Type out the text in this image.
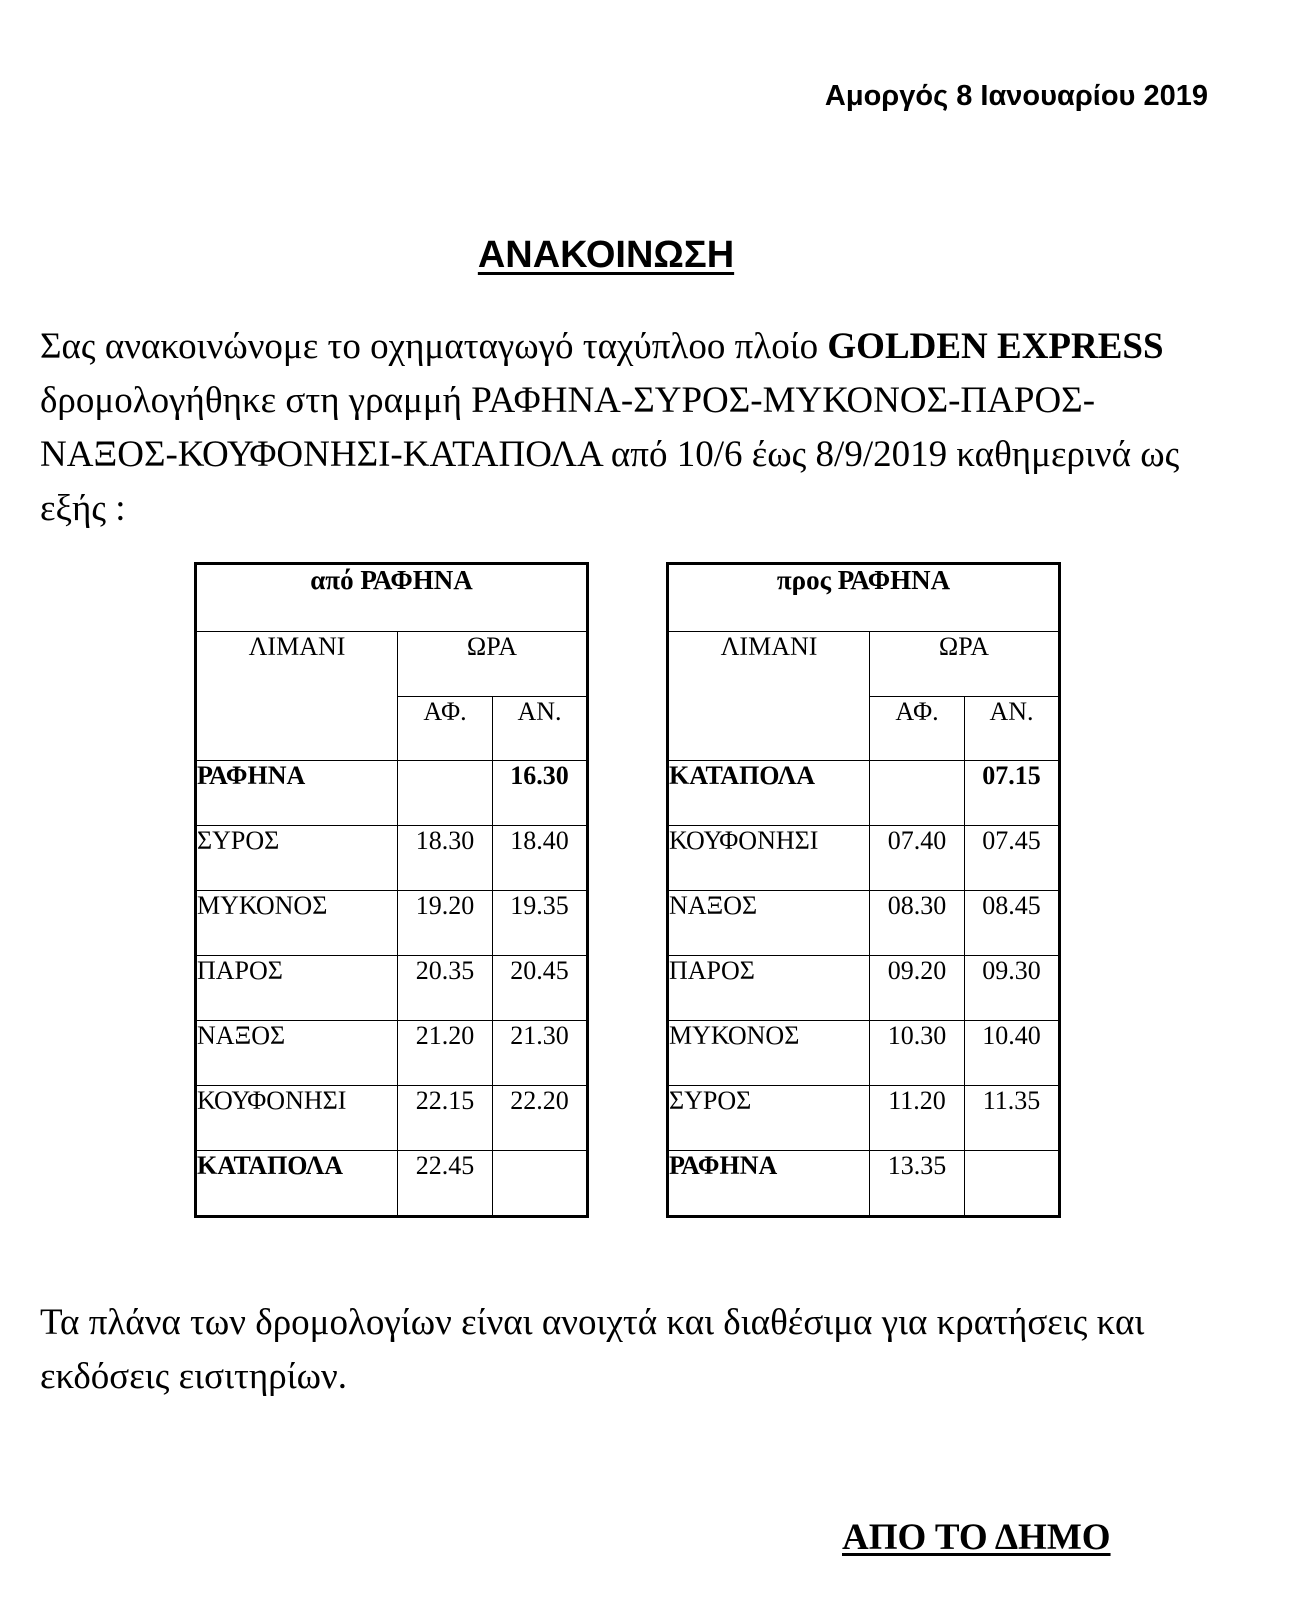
Αμοργός 8 Ιανουαρίου 2019
ΑΝΑΚΟΙΝΩΣΗ

Σας ανακοινώνομε το οχηματαγωγό ταχύπλοο πλοίο GOLDEN EXPRESS δρομολογήθηκε στη γραμμή ΡΑΦΗΝΑ-ΣΥΡΟΣ-ΜΥΚΟΝΟΣ-ΠΑΡΟΣ-ΝΑΞΟΣ-ΚΟΥΦΟΝΗΣΙ-ΚΑΤΑΠΟΛΑ από 10/6 έως 8/9/2019 καθημερινά ως εξής :

από ΡΑΦΗΝΑ		
ΛΙΜΑΝΙ	ΩΡΑ	
	ΑΦ.	ΑΝ.
ΡΑΦΗΝΑ		16.30
ΣΥΡΟΣ	18.30	18.40
ΜΥΚΟΝΟΣ	19.20	19.35
ΠΑΡΟΣ	20.35	20.45
ΝΑΞΟΣ	21.20	21.30
ΚΟΥΦΟΝΗΣΙ	22.15	22.20
ΚΑΤΑΠΟΛΑ	22.45	
προς ΡΑΦΗΝΑ		
ΛΙΜΑΝΙ	ΩΡΑ	
	ΑΦ.	ΑΝ.
ΚΑΤΑΠΟΛΑ		07.15
ΚΟΥΦΟΝΗΣΙ	07.40	07.45
ΝΑΞΟΣ	08.30	08.45
ΠΑΡΟΣ	09.20	09.30
ΜΥΚΟΝΟΣ	10.30	10.40
ΣΥΡΟΣ	11.20	11.35
ΡΑΦΗΝΑ	13.35	

Τα πλάνα των δρομολογίων είναι ανοιχτά και διαθέσιμα για κρατήσεις και εκδόσεις εισιτηρίων.

ΑΠΟ ΤΟ ΔΗΜΟ
